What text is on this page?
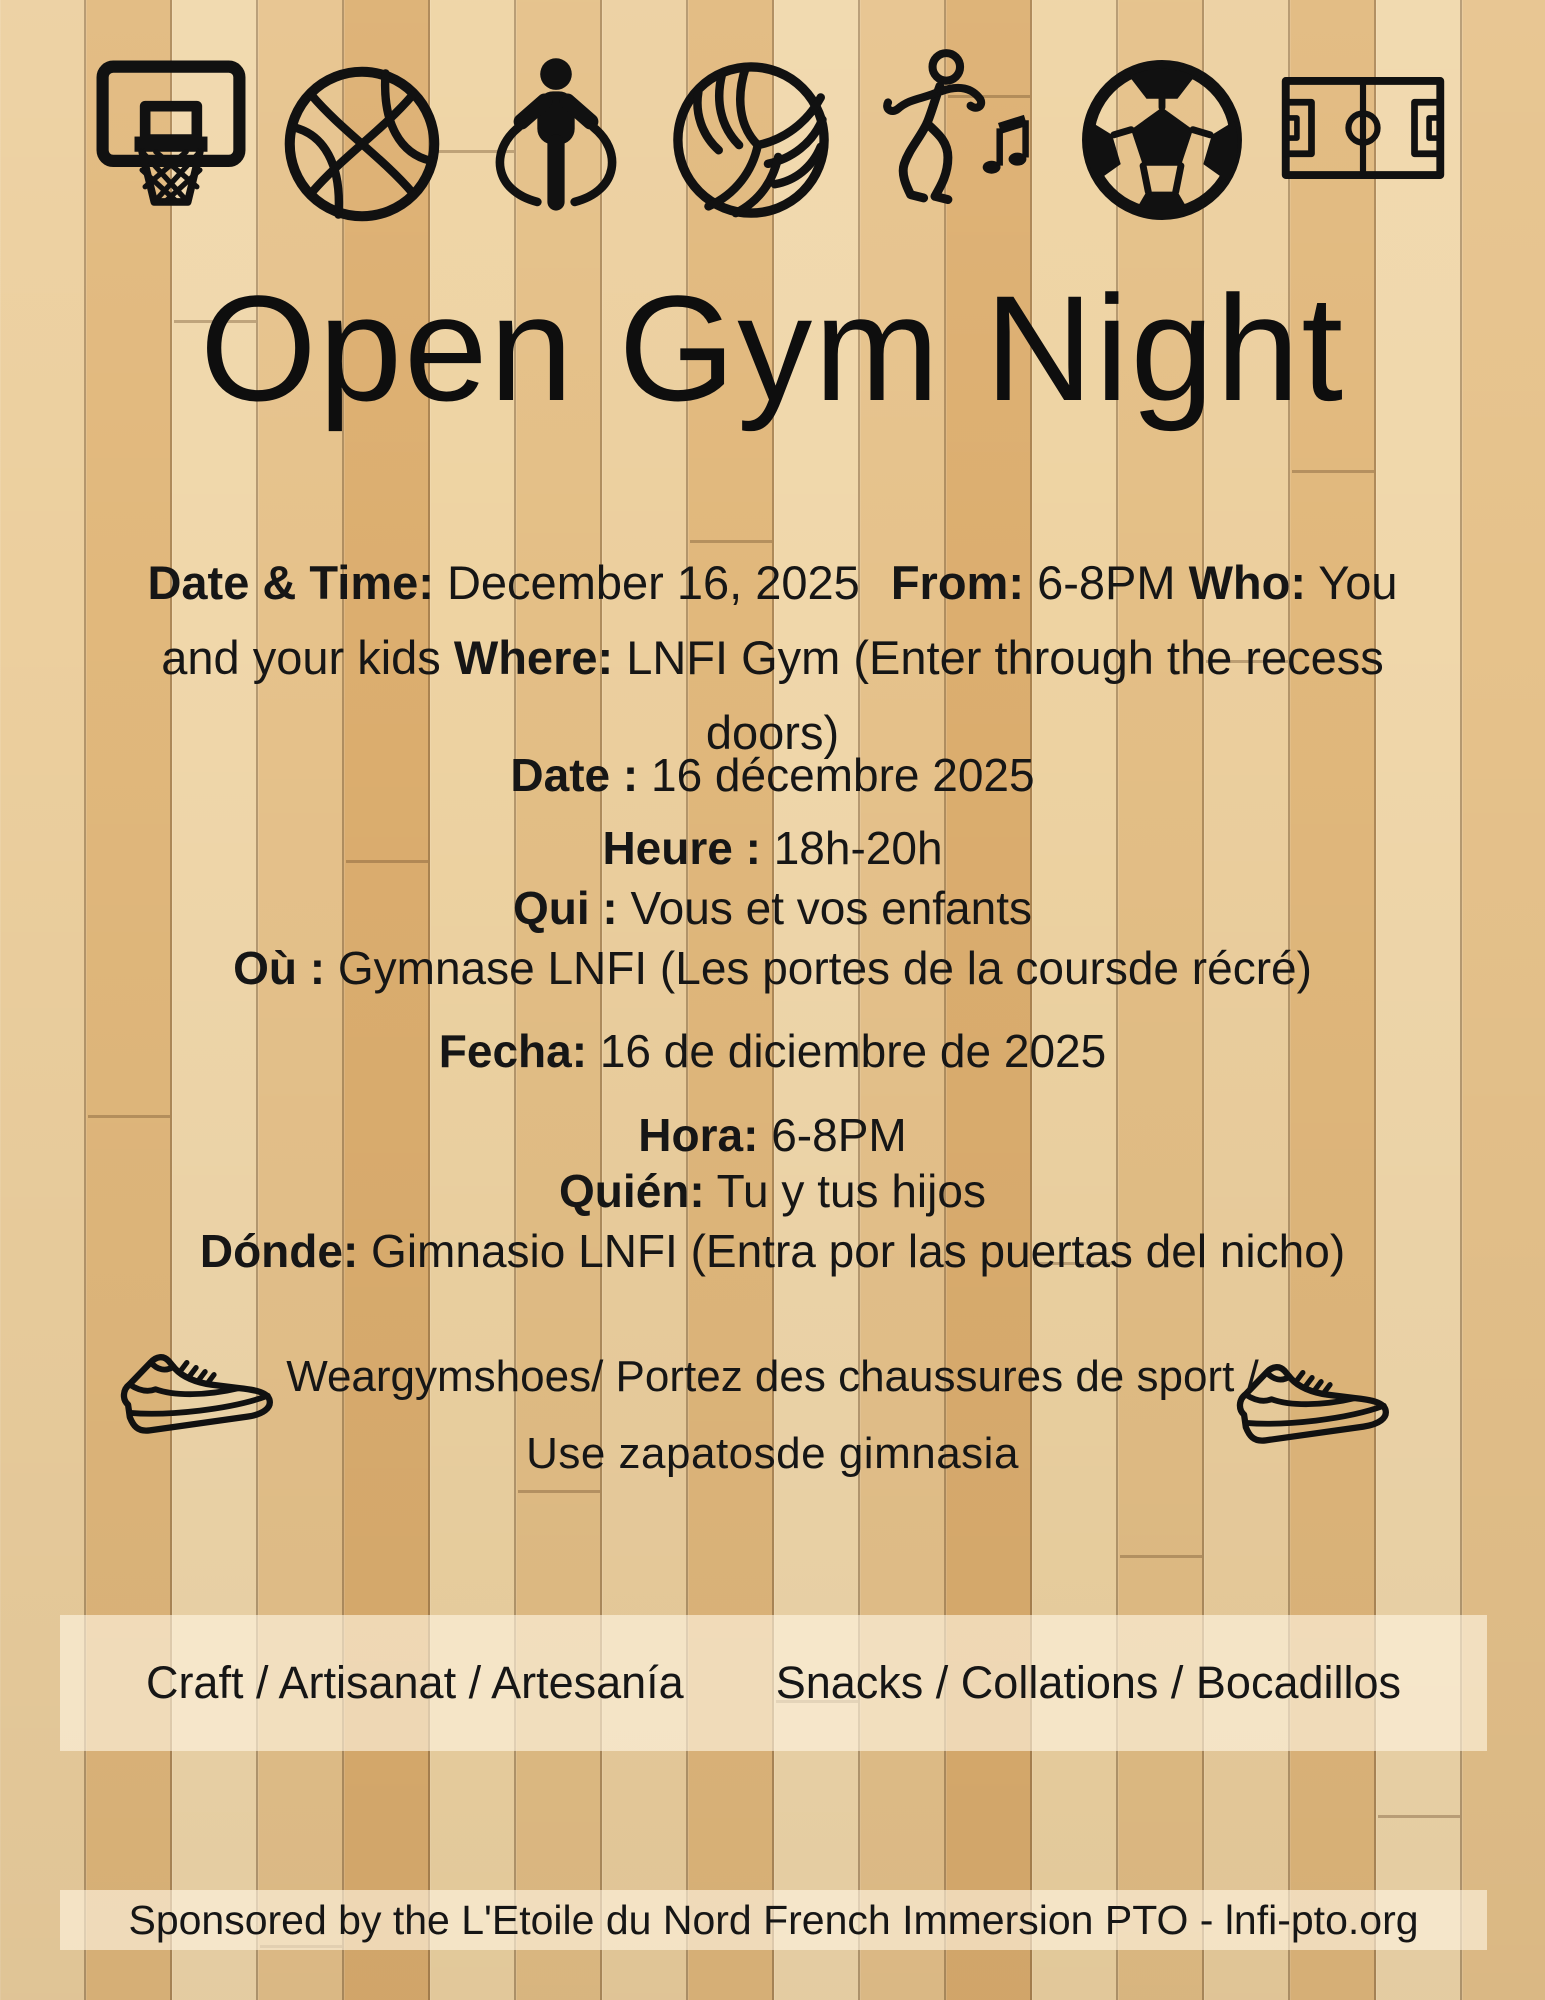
Open Gym Night

Date & Time: December 16, 2025 From: 6-8PM Who: You and your kids Where: LNFI Gym (Enter through the recess doors)

Date : 16 décembre 2025
Heure : 18h-20h
Qui : Vous et vos enfants
Où : Gymnase LNFI (Les portes de la coursde récré)
Fecha: 16 de diciembre de 2025
Hora: 6-8PM
Quién: Tu y tus hijos
Dónde: Gimnasio LNFI (Entra por las puertas del nicho)
Weargymshoes/ Portez des chaussures de sport /
Use zapatosde gimnasia
Craft / Artisanat / Artesanía Snacks / Collations / Bocadillos
Sponsored by the L'Etoile du Nord French Immersion PTO - lnfi-pto.org
